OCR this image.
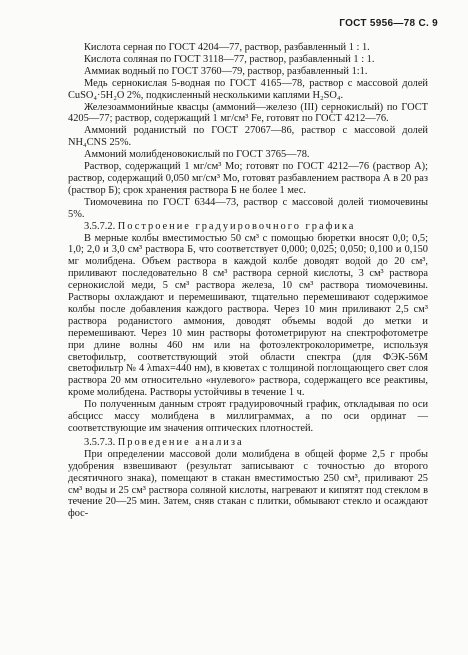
ГОСТ 5956—78 С. 9

Кислота серная по ГОСТ 4204—77, раствор, разбавленный 1 : 1.

Кислота соляная по ГОСТ 3118—77, раствор, разбавленный 1 : 1.

Аммиак водный по ГОСТ 3760—79, раствор, разбавленный 1:1.

Медь сернокислая 5-водная по ГОСТ 4165—78, раствор с массовой долей CuSO₄·5H₂O 2%, подкисленный несколькими каплями H₂SO₄.

Железоаммонийные квасцы (аммоний—железо (III) сернокислый) по ГОСТ 4205—77; раствор, содержащий 1 мг/см³ Fe, готовят по ГОСТ 4212—76.

Аммоний роданистый по ГОСТ 27067—86, раствор с массовой долей NH₄CNS 25%.

Аммоний молибденовокислый по ГОСТ 3765—78.

Раствор, содержащий 1 мг/см³ Mo; готовят по ГОСТ 4212—76 (раствор А); раствор, содержащий 0,050 мг/см³ Mo, готовят разбавлением раствора А в 20 раз (раствор Б); срок хранения раствора Б не более 1 мес.

Тиомочевина по ГОСТ 6344—73, раствор с массовой долей тиомочевины 5%.

3.5.7.2. Построение градуировочного графика

В мерные колбы вместимостью 50 см³ с помощью бюретки вносят 0,0; 0,5; 1,0; 2,0 и 3,0 см³ раствора Б, что соответствует 0,000; 0,025; 0,050; 0,100 и 0,150 мг молибдена. Объем раствора в каждой колбе доводят водой до 20 см³, приливают последовательно 8 см³ раствора серной кислоты, 3 см³ раствора сернокислой меди, 5 см³ раствора железа, 10 см³ раствора тиомочевины. Растворы охлаждают и перемешивают, тщательно перемешивают содержимое колбы после добавления каждого раствора. Через 10 мин приливают 2,5 см³ раствора роданистого аммония, доводят объемы водой до метки и перемешивают. Через 10 мин растворы фотометрируют на спектрофотометре при длине волны 460 нм или на фотоэлектроколориметре, используя светофильтр, соответствующий этой области спектра (для ФЭК-56М светофильтр № 4 λmax=440 нм), в кюветах с толщиной поглощающего свет слоя раствора 20 мм относительно «нулевого» раствора, содержащего все реактивы, кроме молибдена. Растворы устойчивы в течение 1 ч.

По полученным данным строят градуировочный график, откладывая по оси абсцисс массу молибдена в миллиграммах, а по оси ординат — соответствующие им значения оптических плотностей.

3.5.7.3. Проведение анализа

При определении массовой доли молибдена в общей форме 2,5 г пробы удобрения взвешивают (результат записывают с точностью до второго десятичного знака), помещают в стакан вместимостью 250 см³, приливают 25 см³ воды и 25 см³ раствора соляной кислоты, нагревают и кипятят под стеклом в течение 20—25 мин. Затем, сняв стакан с плитки, обмывают стекло и осаждают фос-
